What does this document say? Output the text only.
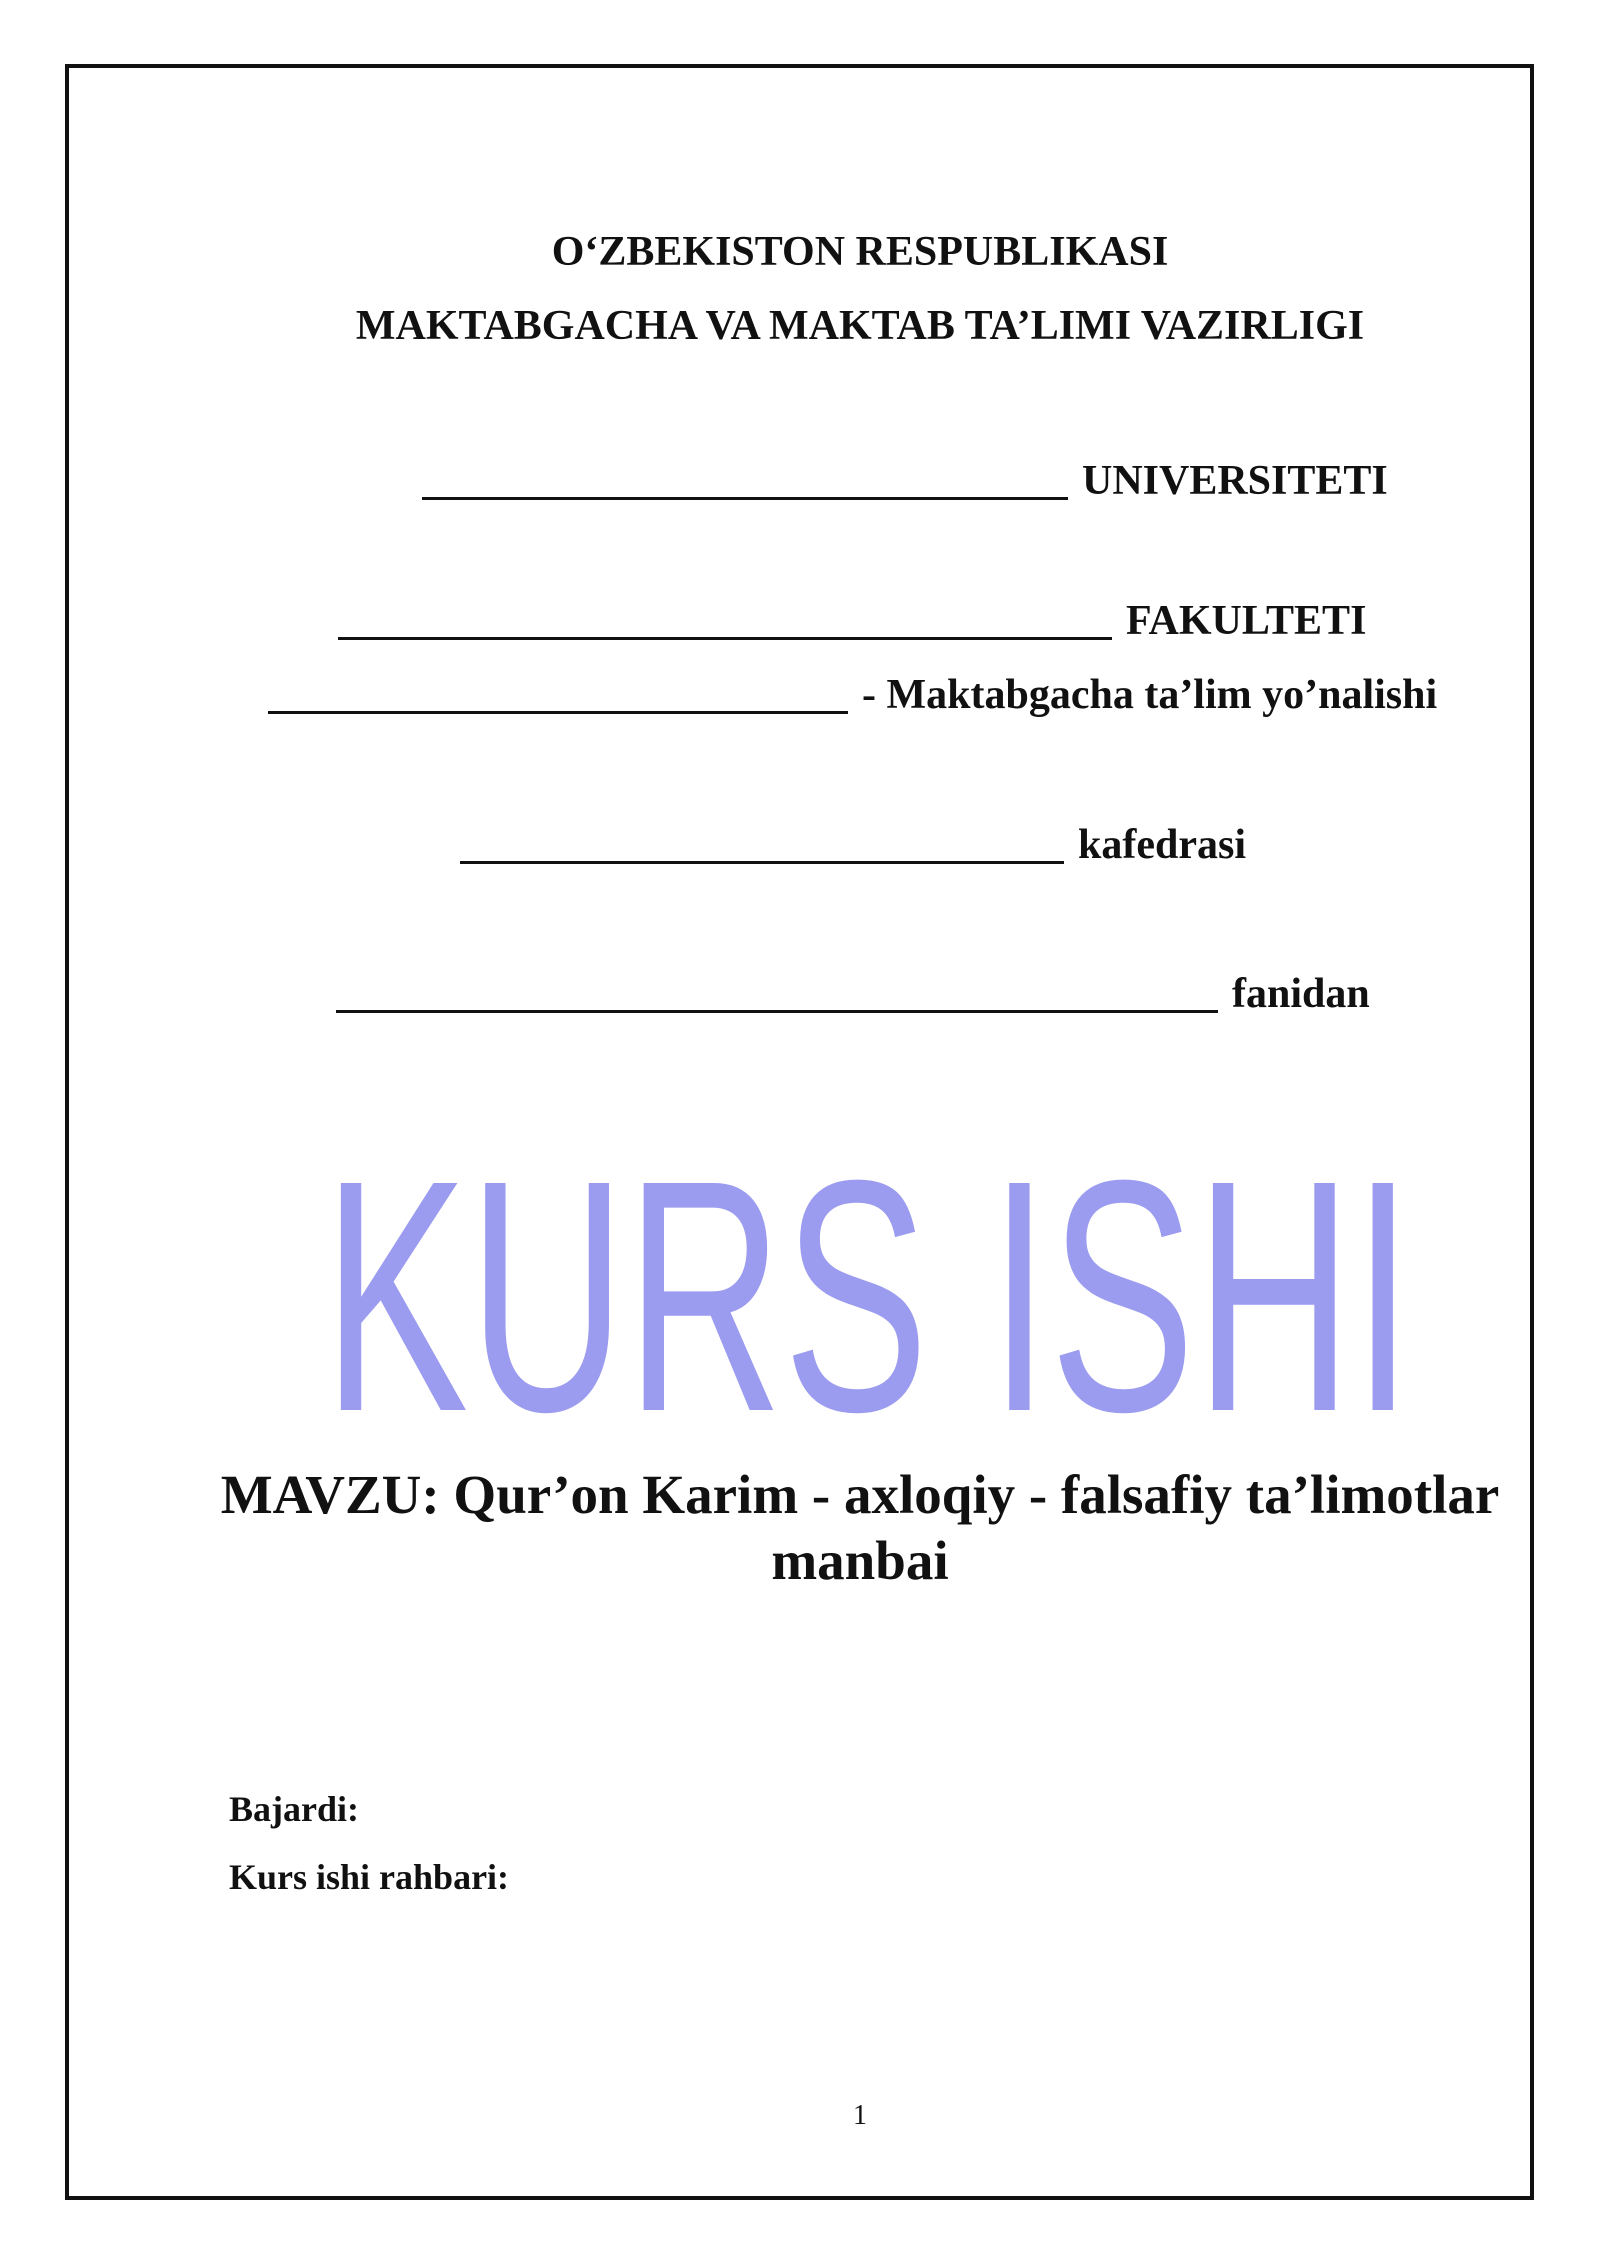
O‘ZBEKISTON RESPUBLIKASI
MAKTABGACHA VA MAKTAB TA’LIMI VAZIRLIGI
UNIVERSITETI
FAKULTETI
- Maktabgacha ta’lim yo’nalishi
kafedrasi
fanidan
KURS ISHI
MAVZU: Qur’on Karim - axloqiy - falsafiy ta’limotlar
manbai
Bajardi:
Kurs ishi rahbari:
1
